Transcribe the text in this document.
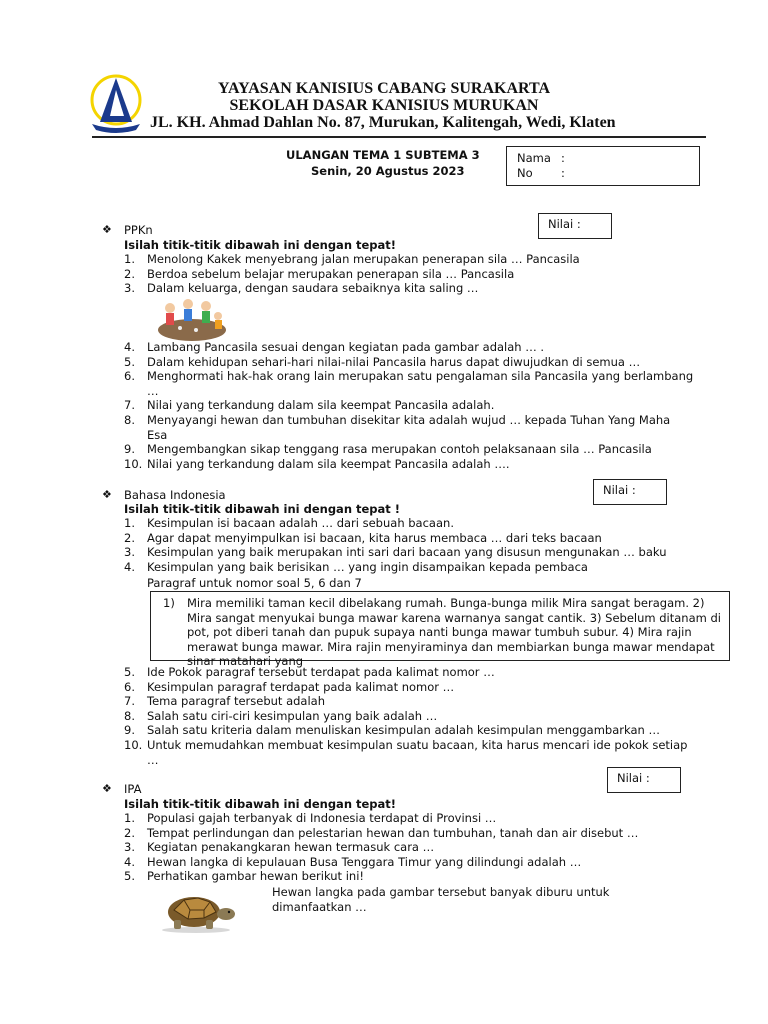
YAYASAN KANISIUS CABANG SURAKARTA
SEKOLAH DASAR KANISIUS MURUKAN
JL. KH. Ahmad Dahlan No. 87, Murukan, Kalitengah, Wedi, Klaten
ULANGAN TEMA 1 SUBTEMA 3
Senin, 20 Agustus 2023
Nama :
No :
Nilai :
❖ PPKn
Isilah titik-titik dibawah ini dengan tepat!
1. Menolong Kakek menyebrang jalan merupakan penerapan sila … Pancasila
2. Berdoa sebelum belajar merupakan penerapan sila … Pancasila
3. Dalam keluarga, dengan saudara sebaiknya kita saling …
4. Lambang Pancasila sesuai dengan kegiatan pada gambar adalah … .
5. Dalam kehidupan sehari-hari nilai-nilai Pancasila harus dapat diwujudkan di semua …
6. Menghormati hak-hak orang lain merupakan satu pengalaman sila Pancasila yang berlambang …
7. Nilai yang terkandung dalam sila keempat Pancasila adalah.
8. Menyayangi hewan dan tumbuhan disekitar kita adalah wujud … kepada Tuhan Yang Maha Esa
9. Mengembangkan sikap tenggang rasa merupakan contoh pelaksanaan sila … Pancasila
10. Nilai yang terkandung dalam sila keempat Pancasila adalah ….
Nilai :
❖ Bahasa Indonesia
Isilah titik-titik dibawah ini dengan tepat !
1. Kesimpulan isi bacaan adalah … dari sebuah bacaan.
2. Agar dapat menyimpulkan isi bacaan, kita harus membaca … dari teks bacaan
3. Kesimpulan yang baik merupakan inti sari dari bacaan yang disusun mengunakan … baku
4. Kesimpulan yang baik berisikan … yang ingin disampaikan kepada pembaca
Paragraf untuk nomor soal 5, 6 dan 7
1) Mira memiliki taman kecil dibelakang rumah. Bunga-bunga milik Mira sangat beragam. 2) Mira sangat menyukai bunga mawar karena warnanya sangat cantik. 3) Sebelum ditanam di pot, pot diberi tanah dan pupuk supaya nanti bunga mawar tumbuh subur. 4) Mira rajin merawat bunga mawar. Mira rajin menyiraminya dan membiarkan bunga mawar mendapat sinar matahari yang
5. Ide Pokok paragraf tersebut terdapat pada kalimat nomor …
6. Kesimpulan paragraf terdapat pada kalimat nomor …
7. Tema paragraf tersebut adalah
8. Salah satu ciri-ciri kesimpulan yang baik adalah …
9. Salah satu kriteria dalam menuliskan kesimpulan adalah kesimpulan menggambarkan …
10. Untuk memudahkan membuat kesimpulan suatu bacaan, kita harus mencari ide pokok setiap …
Nilai :
❖ IPA
Isilah titik-titik dibawah ini dengan tepat!
1. Populasi gajah terbanyak di Indonesia terdapat di Provinsi …
2. Tempat perlindungan dan pelestarian hewan dan tumbuhan, tanah dan air disebut …
3. Kegiatan penakangkaran hewan termasuk cara …
4. Hewan langka di kepulauan Busa Tenggara Timur yang dilindungi adalah …
5. Perhatikan gambar hewan berikut ini!
Hewan langka pada gambar tersebut banyak diburu untuk dimanfaatkan …
